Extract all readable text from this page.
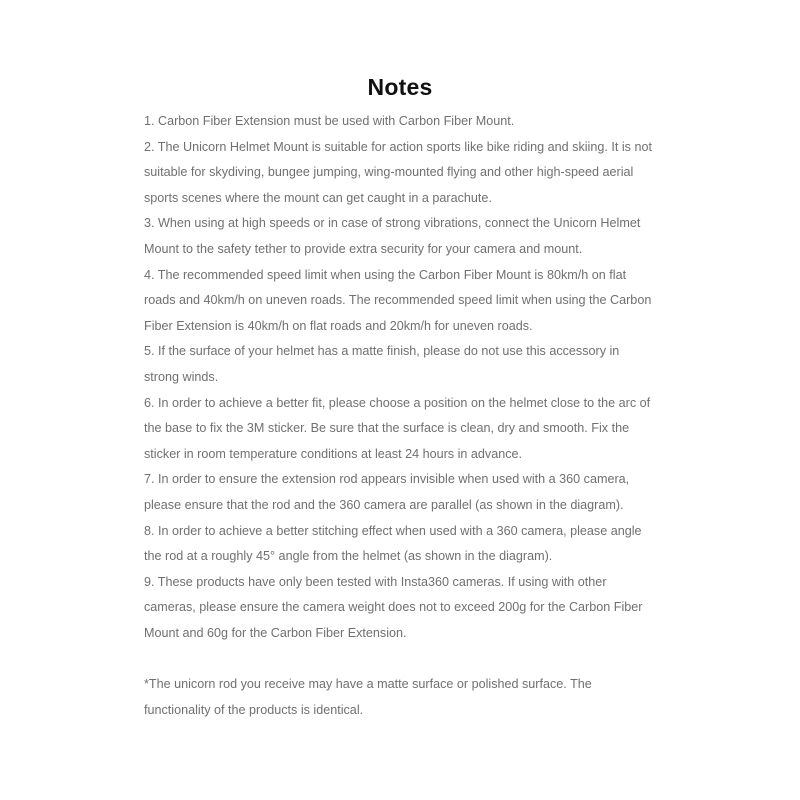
Notes
1. Carbon Fiber Extension must be used with Carbon Fiber Mount.
2. The Unicorn Helmet Mount is suitable for action sports like bike riding and skiing. It is not suitable for skydiving, bungee jumping, wing-mounted flying and other high-speed aerial sports scenes where the mount can get caught in a parachute.
3. When using at high speeds or in case of strong vibrations, connect the Unicorn Helmet Mount to the safety tether to provide extra security for your camera and mount.
4. The recommended speed limit when using the Carbon Fiber Mount is 80km/h on flat roads and 40km/h on uneven roads. The recommended speed limit when using the Carbon Fiber Extension is 40km/h on flat roads and 20km/h for uneven roads.
5. If the surface of your helmet has a matte finish, please do not use this accessory in strong winds.
6. In order to achieve a better fit, please choose a position on the helmet close to the arc of the base to fix the 3M sticker. Be sure that the surface is clean, dry and smooth. Fix the sticker in room temperature conditions at least 24 hours in advance.
7. In order to ensure the extension rod appears invisible when used with a 360 camera, please ensure that the rod and the 360 camera are parallel (as shown in the diagram).
8. In order to achieve a better stitching effect when used with a 360 camera, please angle the rod at a roughly 45° angle from the helmet (as shown in the diagram).
9. These products have only been tested with Insta360 cameras. If using with other cameras, please ensure the camera weight does not to exceed 200g for the Carbon Fiber Mount and 60g for the Carbon Fiber Extension.

*The unicorn rod you receive may have a matte surface or polished surface. The functionality of the products is identical.
